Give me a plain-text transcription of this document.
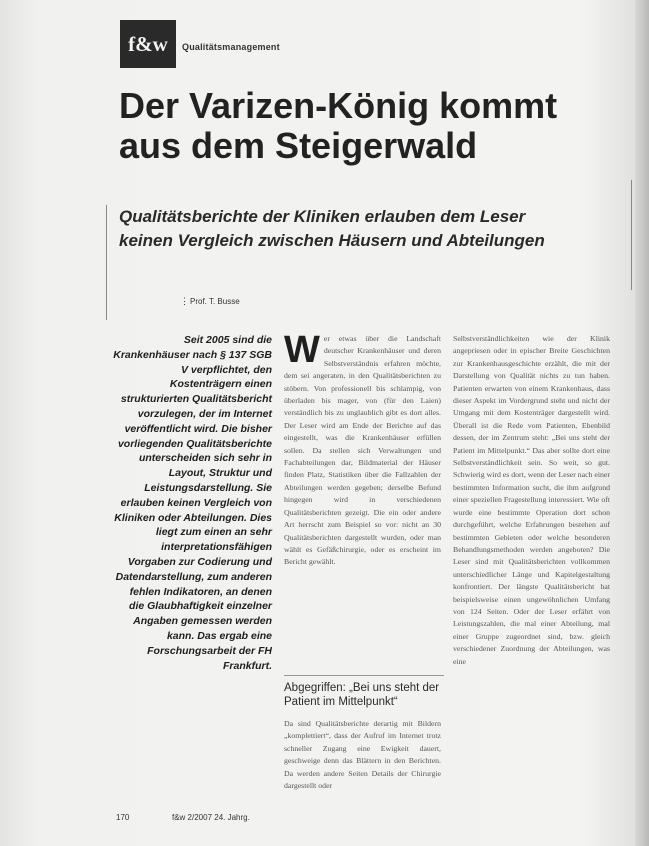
f&w	Qualitätsmanagement
Der Varizen-König kommt
aus dem Steigerwald
Qualitätsberichte der Kliniken erlauben dem Leser
keinen Vergleich zwischen Häusern und Abteilungen
⋮ Prof. T. Busse
Seit 2005 sind die Krankenhäuser nach § 137 SGB V verpflichtet, den Kostenträgern einen strukturierten Qualitätsbericht vorzulegen, der im Internet veröffentlicht wird. Die bisher vorliegenden Qualitätsberichte unterscheiden sich sehr in Layout, Struktur und Leistungsdarstellung. Sie erlauben keinen Vergleich von Kliniken oder Abteilungen. Dies liegt zum einen an sehr interpretationsfähigen Vorgaben zur Codierung und Datendarstellung, zum anderen fehlen Indikatoren, an denen die Glaubhaftigkeit einzelner Angaben gemessen werden kann. Das ergab eine Forschungsarbeit der FH Frankfurt.
W er etwas über die Landschaft deutscher Krankenhäuser und deren Selbstverständnis erfahren möchte, dem sei angeraten, in den Qualitätsberichten zu stöbern. Von professionell bis schlampig, von überladen bis mager, von (für den Laien) verständlich bis zu unglaublich gibt es dort alles. Der Leser wird am Ende der Berichte auf das eingestellt, was die Krankenhäuser erfüllen sollen. Da stellen sich Verwaltungen und Fachabteilungen dar, Bildmaterial der Häuser finden Platz, Statistiken über die Fallzahlen der Abteilungen werden gegeben; derselbe Befund hingegen wird in verschiedenen Qualitätsberichten gezeigt. Die ein oder andere Art herrscht zum Beispiel so vor: nicht an 30 Qualitätsberichten dargestellt wurden, oder man wählt es Gefäßchirurgie, oder es erscheint im Bericht gewählt.
Abgegriffen: „Bei uns steht der Patient im Mittelpunkt“
Da sind Qualitätsberichte derartig mit Bildern „komplettiert“, dass der Aufruf im Internet trotz schneller Zugang eine Ewigkeit dauert, geschweige denn das Blättern in den Berichten. Da werden andere Seiten Details der Chirurgie dargestellt oder
Selbstverständlichkeiten wie der Klinik angepriesen oder in epischer Breite Geschichten zur Krankenhausgeschichte erzählt, die mit der Darstellung von Qualität nichts zu tun haben. Patienten erwarten von einem Krankenhaus, dass dieser Aspekt im Vordergrund steht und nicht der Umgang mit dem Kostenträger dargestellt wird. Überall ist die Rede vom Patienten, Ebenbild dessen, der im Zentrum steht: „Bei uns steht der Patient im Mittelpunkt.“ Das aber sollte dort eine Selbstverständlichkeit sein. So weit, so gut. Schwierig wird es dort, wenn der Leser nach einer bestimmten Information sucht, die ihm aufgrund einer speziellen Fragestellung interessiert. Wie oft wurde eine bestimmte Operation dort schon durchgeführt, welche Erfahrungen bestehen auf bestimmten Gebieten oder welche besonderen Behandlungsmethoden werden angeboten? Die Leser sind mit Qualitätsberichten vollkommen unterschiedlicher Länge und Kapitelgestaltung konfrontiert. Der längste Qualitätsbericht hat beispielsweise einen ungewöhnlichen Umfang von 124 Seiten. Oder der Leser erfährt von Leistungszahlen, die mal einer Abteilung, mal einer Gruppe zugeordnet sind, bzw. gleich verschiedener Zuordnung der Abteilungen, was eine
170	f&w 2/2007 24. Jahrg.
